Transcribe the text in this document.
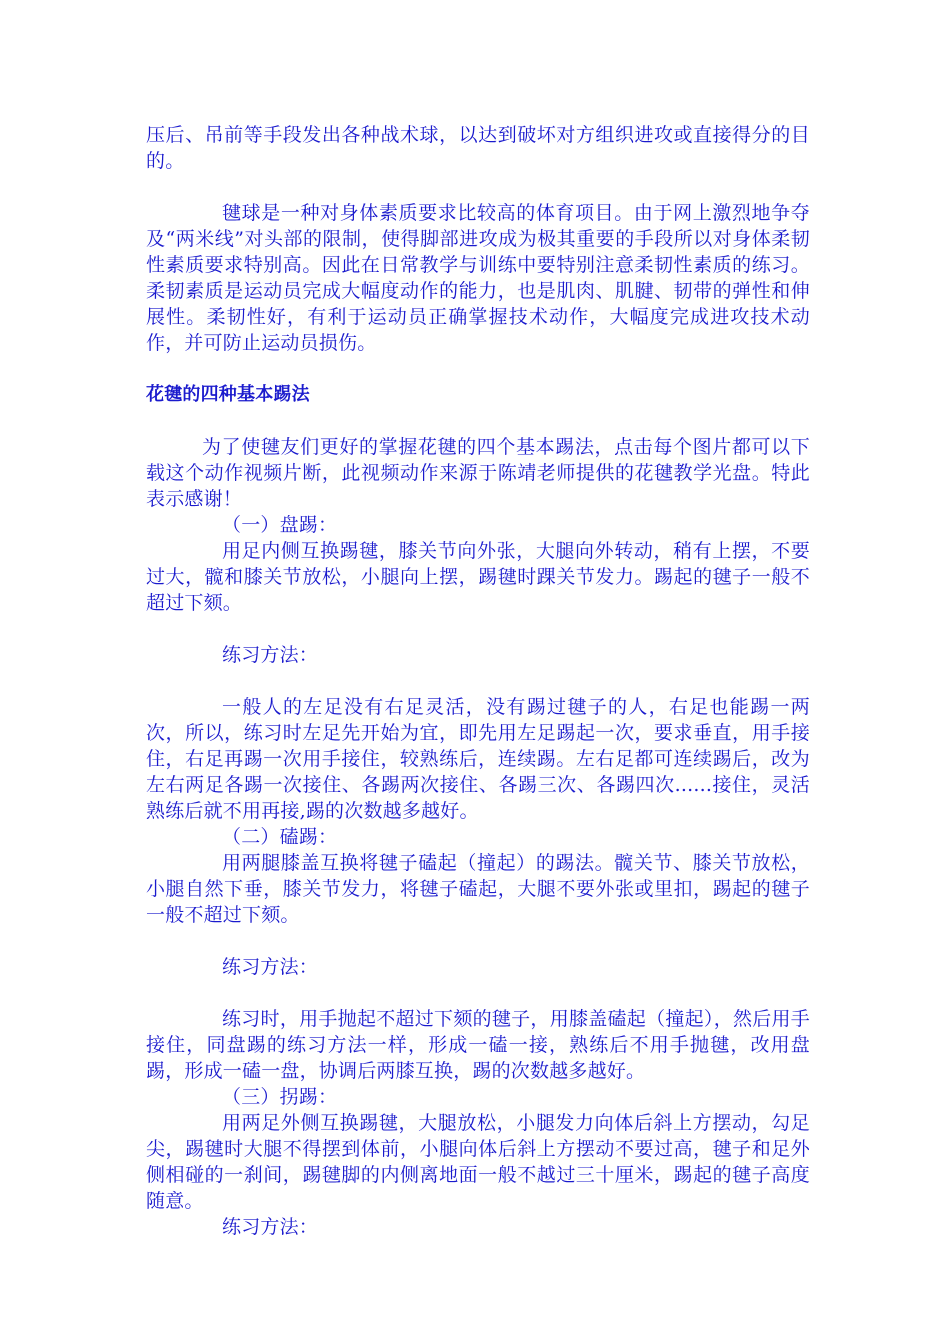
压后、吊前等手段发出各种战术球，以达到破坏对方组织进攻或直接得分的目的。

毽球是一种对身体素质要求比较高的体育项目。由于网上激烈地争夺及“两米线”对头部的限制，使得脚部进攻成为极其重要的手段所以对身体柔韧性素质要求特别高。因此在日常教学与训练中要特别注意柔韧性素质的练习。柔韧素质是运动员完成大幅度动作的能力，也是肌肉、肌腱、韧带的弹性和伸展性。柔韧性好，有利于运动员正确掌握技术动作，大幅度完成进攻技术动作，并可防止运动员损伤。

花毽的四种基本踢法

为了使毽友们更好的掌握花毽的四个基本踢法，点击每个图片都可以下载这个动作视频片断，此视频动作来源于陈靖老师提供的花毽教学光盘。特此表示感谢！

（一）盘踢：

用足内侧互换踢毽，膝关节向外张，大腿向外转动，稍有上摆，不要过大，髋和膝关节放松，小腿向上摆，踢毽时踝关节发力。踢起的毽子一般不超过下颏。

练习方法：

一般人的左足没有右足灵活，没有踢过毽子的人，右足也能踢一两次，所以，练习时左足先开始为宜，即先用左足踢起一次，要求垂直，用手接住，右足再踢一次用手接住，较熟练后，连续踢。左右足都可连续踢后，改为左右两足各踢一次接住、各踢两次接住、各踢三次、各踢四次......接住，灵活熟练后就不用再接,踢的次数越多越好。

（二）磕踢：

用两腿膝盖互换将毽子磕起（撞起）的踢法。髋关节、膝关节放松，小腿自然下垂，膝关节发力，将毽子磕起，大腿不要外张或里扣，踢起的毽子一般不超过下颏。

练习方法：

练习时，用手抛起不超过下颏的毽子，用膝盖磕起（撞起），然后用手接住，同盘踢的练习方法一样，形成一磕一接，熟练后不用手抛毽，改用盘踢，形成一磕一盘，协调后两膝互换，踢的次数越多越好。

（三）拐踢：

用两足外侧互换踢毽，大腿放松，小腿发力向体后斜上方摆动，勾足尖，踢毽时大腿不得摆到体前，小腿向体后斜上方摆动不要过高，毽子和足外侧相碰的一刹间，踢毽脚的内侧离地面一般不越过三十厘米，踢起的毽子高度随意。

练习方法：
